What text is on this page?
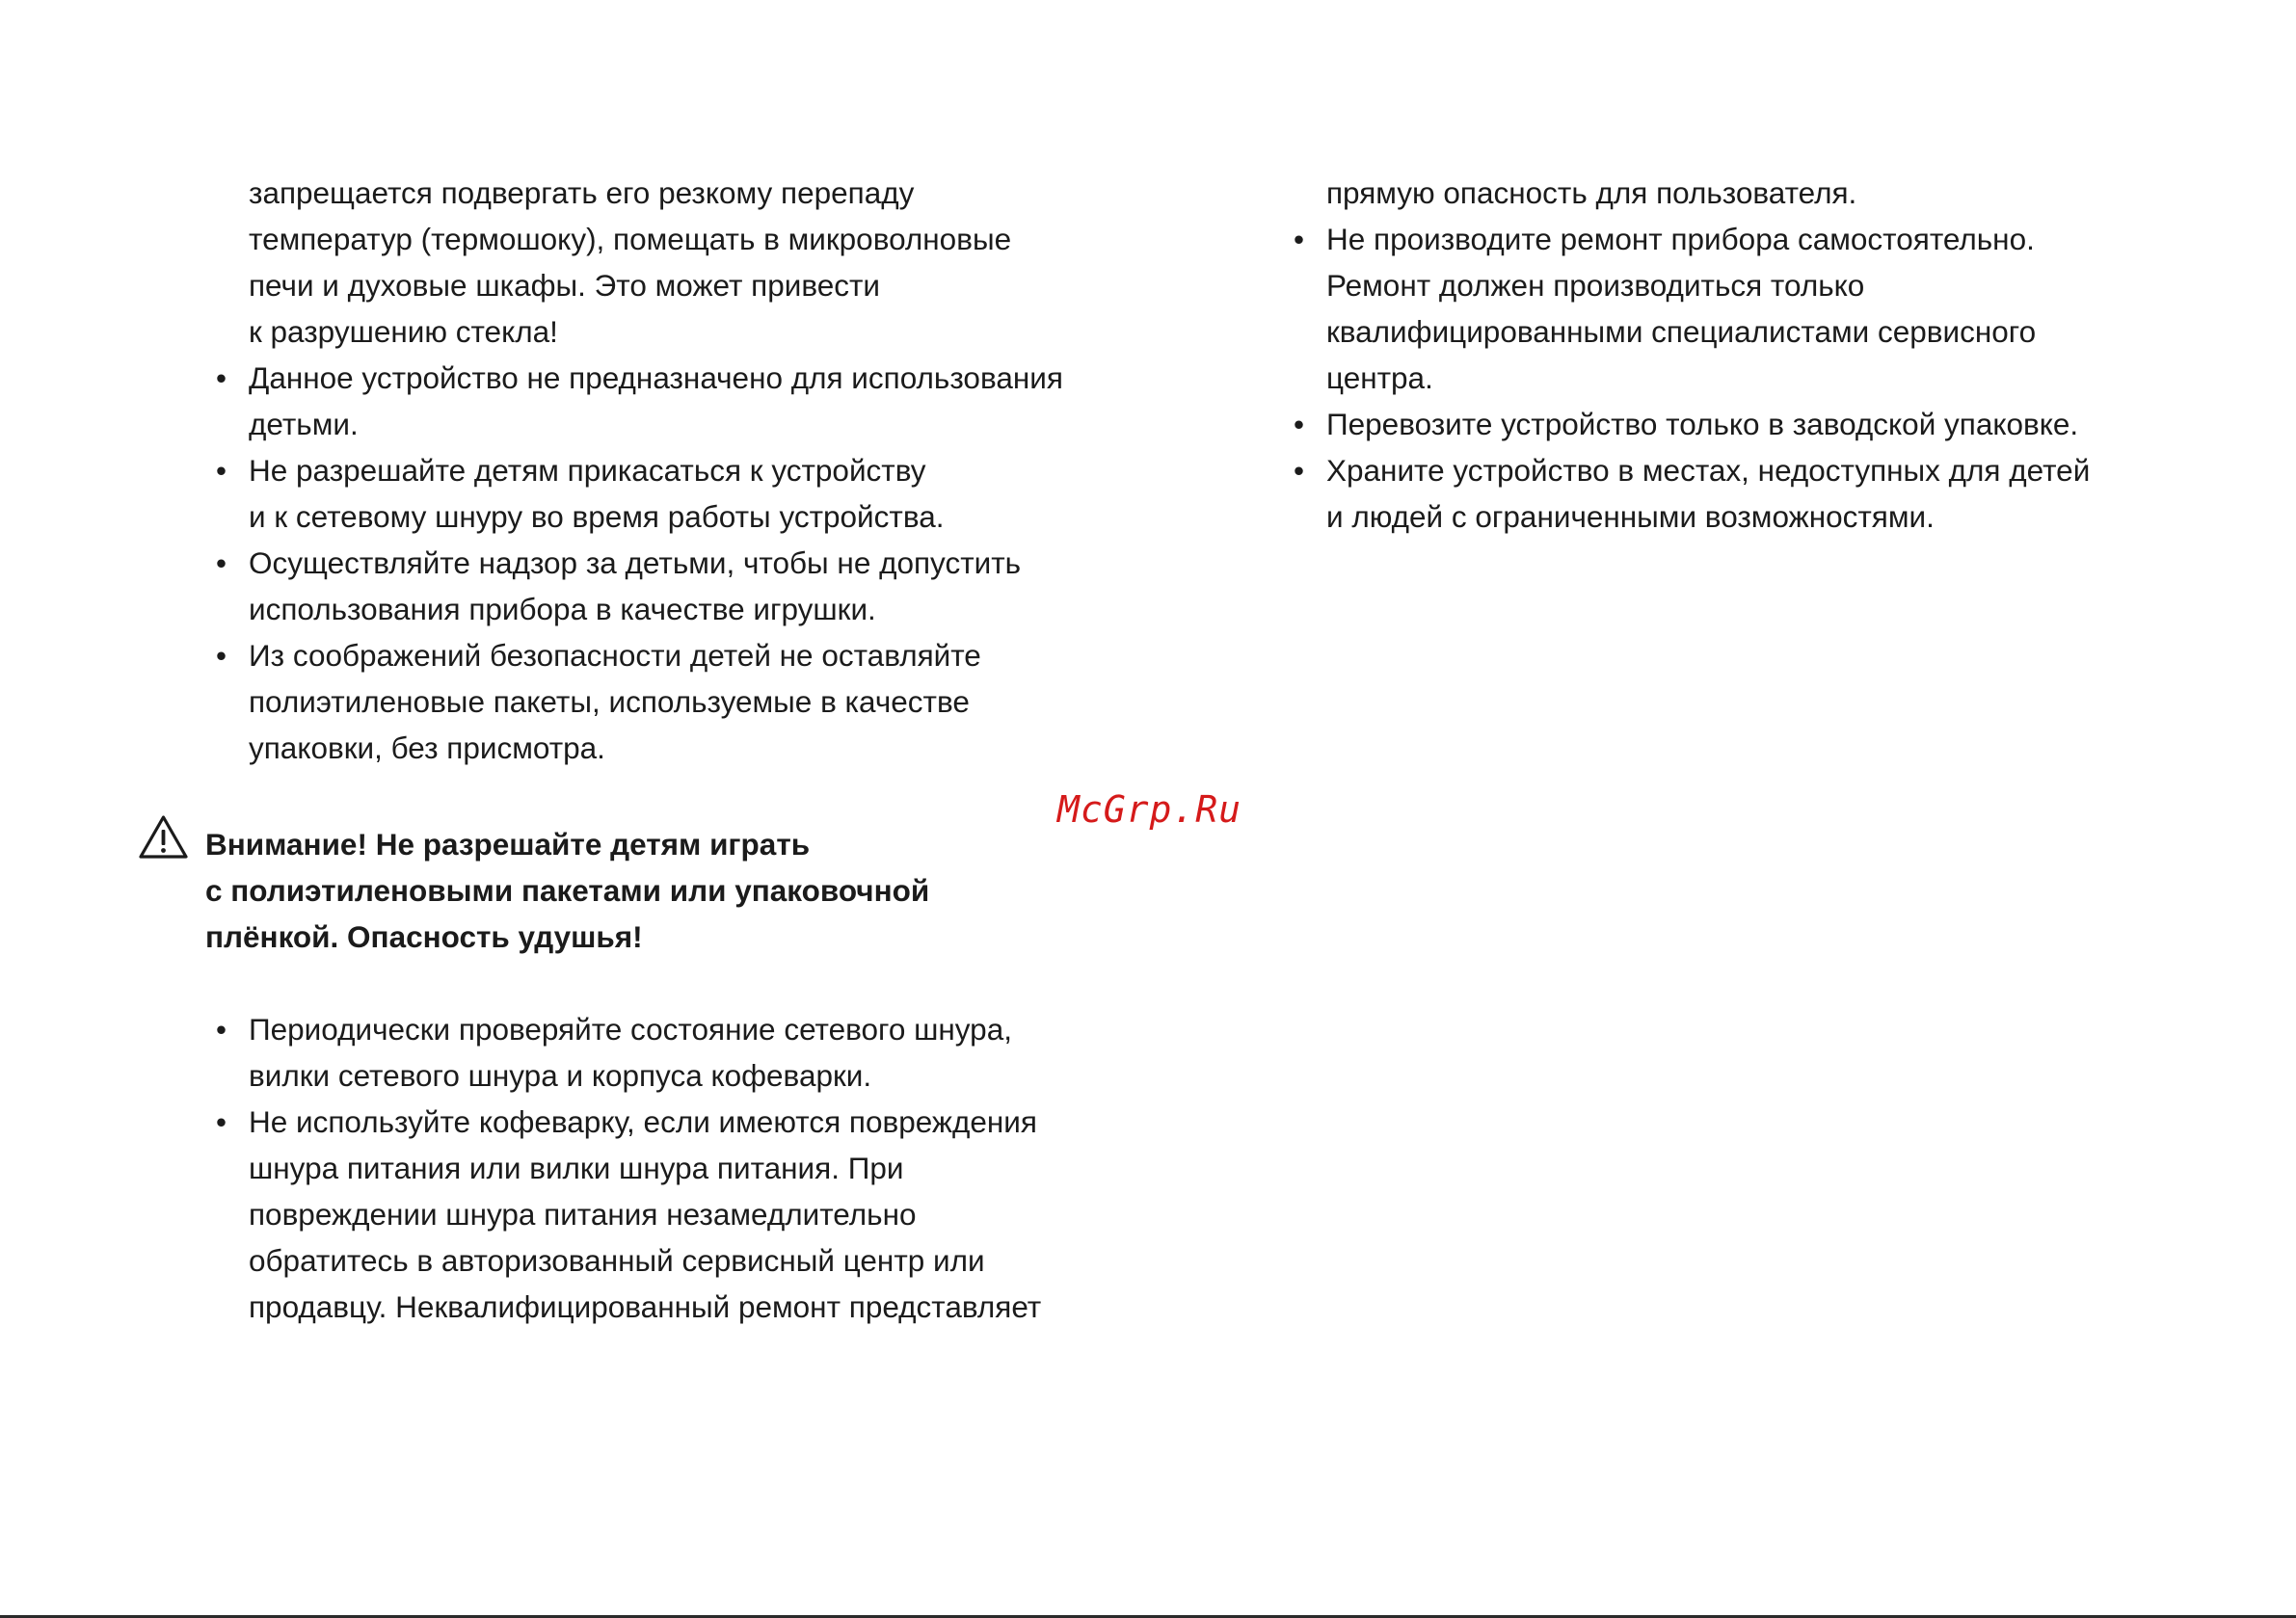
запрещается подвергать его резкому перепаду
температур (термошоку), помещать в микроволновые
печи и духовые шкафы. Это может привести
к разрушению стекла!
• Данное устройство не предназначено для использования
детьми.
• Не разрешайте детям прикасаться к устройству
и к сетевому шнуру во время работы устройства.
• Осуществляйте надзор за детьми, чтобы не допустить
использования прибора в качестве игрушки.
• Из соображений безопасности детей не оставляйте
полиэтиленовые пакеты, используемые в качестве
упаковки, без присмотра.
Внимание! Не разрешайте детям играть
с полиэтиленовыми пакетами или упаковочной
плёнкой. Опасность удушья!
• Периодически проверяйте состояние сетевого шнура,
вилки сетевого шнура и корпуса кофеварки.
• Не используйте кофеварку, если имеются повреждения
шнура питания или вилки шнура питания. При
повреждении шнура питания незамедлительно
обратитесь в авторизованный сервисный центр или
продавцу. Неквалифицированный ремонт представляет
прямую опасность для пользователя.
• Не производите ремонт прибора самостоятельно.
Ремонт должен производиться только
квалифицированными специалистами сервисного
центра.
• Перевозите устройство только в заводской упаковке.
• Храните устройство в местах, недоступных для детей
и людей с ограниченными возможностями.
McGrp.Ru
